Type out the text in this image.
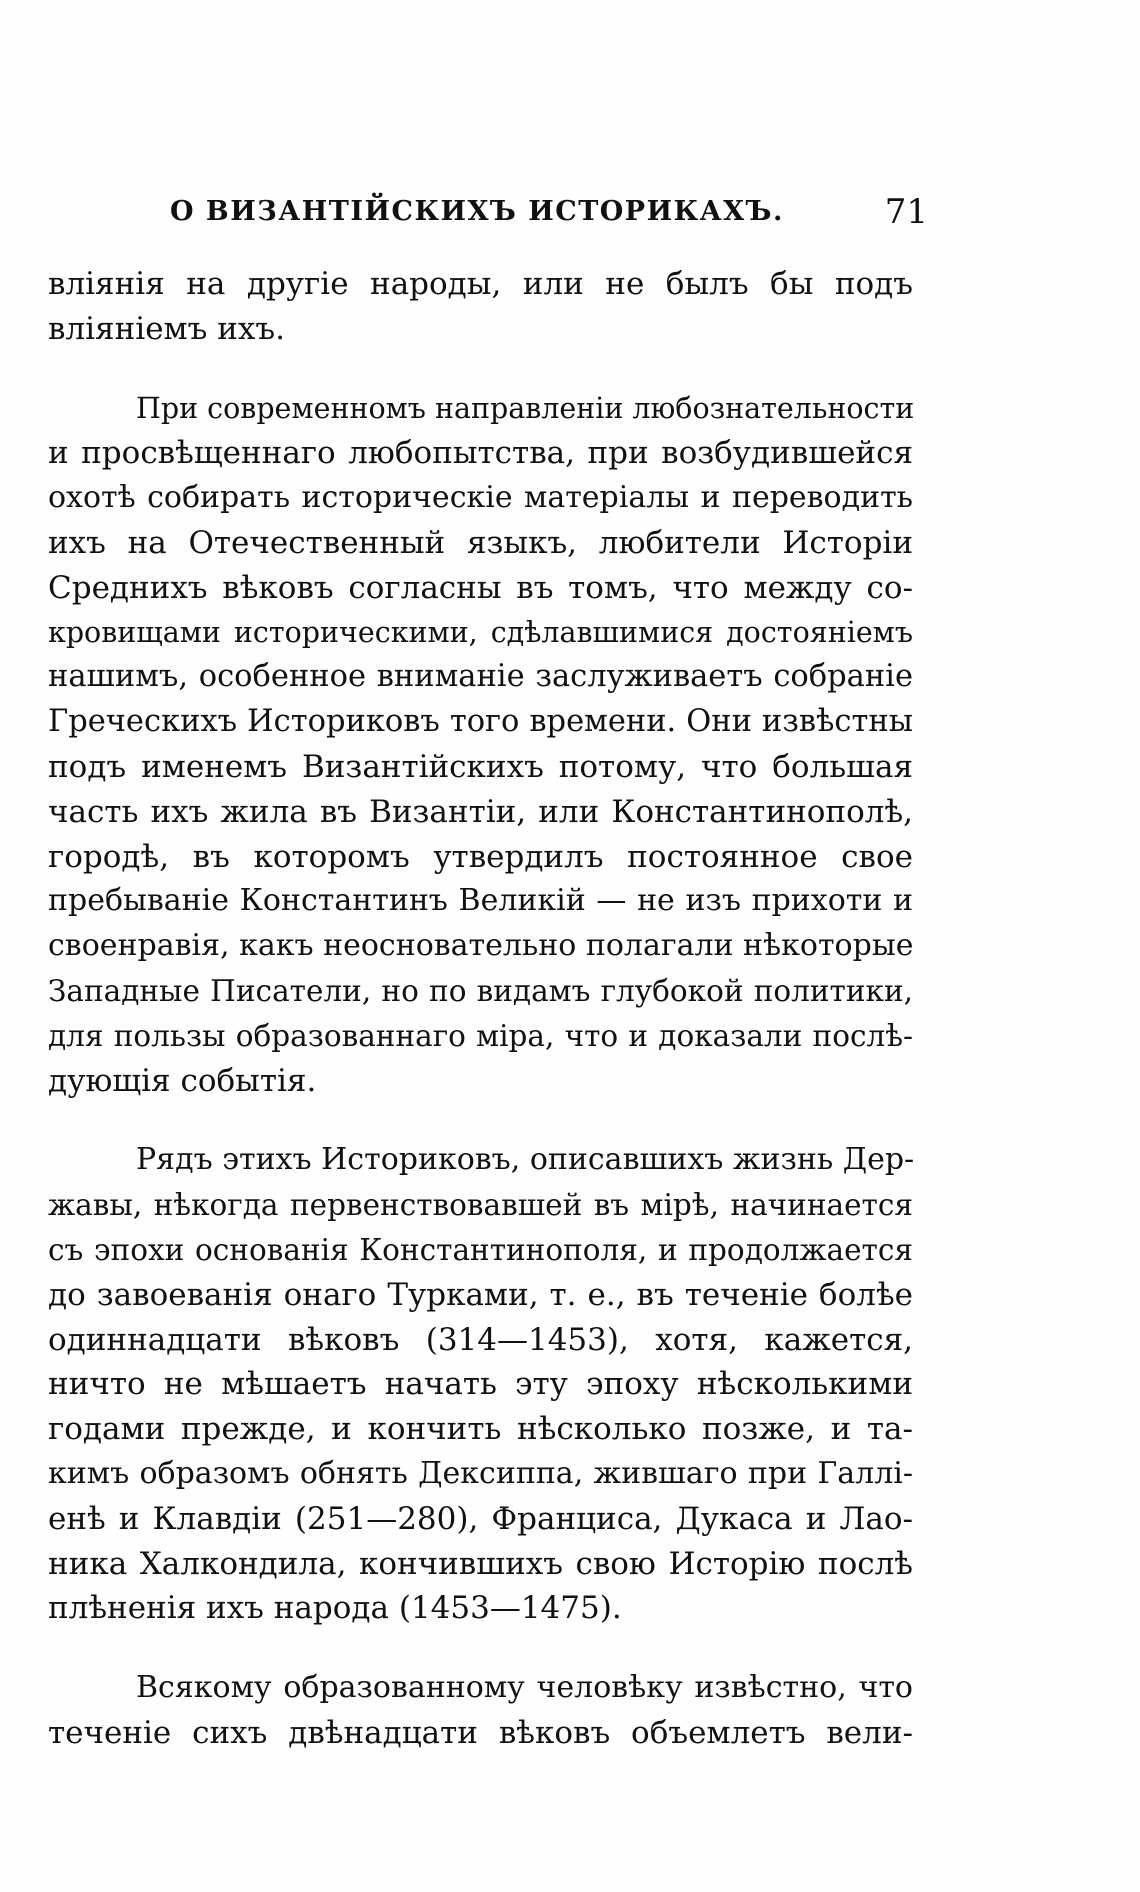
О ВИЗАНТІЙСКИХЪ ИСТОРИКАХЪ.	71
вліянія на другіе народы, или не былъ бы подъ
вліяніемъ ихъ.
При современномъ направленіи любознательности
и просвѣщеннаго любопытства, при возбудившейся
охотѣ собирать историческіе матеріалы и переводить
ихъ на Отечественный языкъ, любители Исторіи
Среднихъ вѣковъ согласны въ томъ, что между со-
кровищами историческими, сдѣлавшимися достояніемъ
нашимъ, особенное вниманіе заслуживаетъ собраніе
Греческихъ Историковъ того времени. Они извѣстны
подъ именемъ Византійскихъ потому, что большая
часть ихъ жила въ Византіи, или Константинополѣ,
городѣ, въ которомъ утвердилъ постоянное свое
пребываніе Константинъ Великій — не изъ прихоти и
своенравія, какъ неосновательно полагали нѣкоторые
Западные Писатели, но по видамъ глубокой политики,
для пользы образованнаго міра, что и доказали послѣ-
дующія событія.
Рядъ этихъ Историковъ, описавшихъ жизнь Дер-
жавы, нѣкогда первенствовавшей въ мірѣ, начинается
съ эпохи основанія Константинополя, и продолжается
до завоеванія онаго Турками, т. е., въ теченіе болѣе
одиннадцати вѣковъ (314—1453), хотя, кажется,
ничто не мѣшаетъ начать эту эпоху нѣсколькими
годами прежде, и кончить нѣсколько позже, и та-
кимъ образомъ обнять Дексиппа, жившаго при Галлі-
енѣ и Клавдіи (251—280), Франциса, Дукаса и Лао-
ника Халкондила, кончившихъ свою Исторію послѣ
плѣненія ихъ народа (1453—1475).
Всякому образованному человѣку извѣстно, что
теченіе сихъ двѣнадцати вѣковъ объемлетъ вели-
